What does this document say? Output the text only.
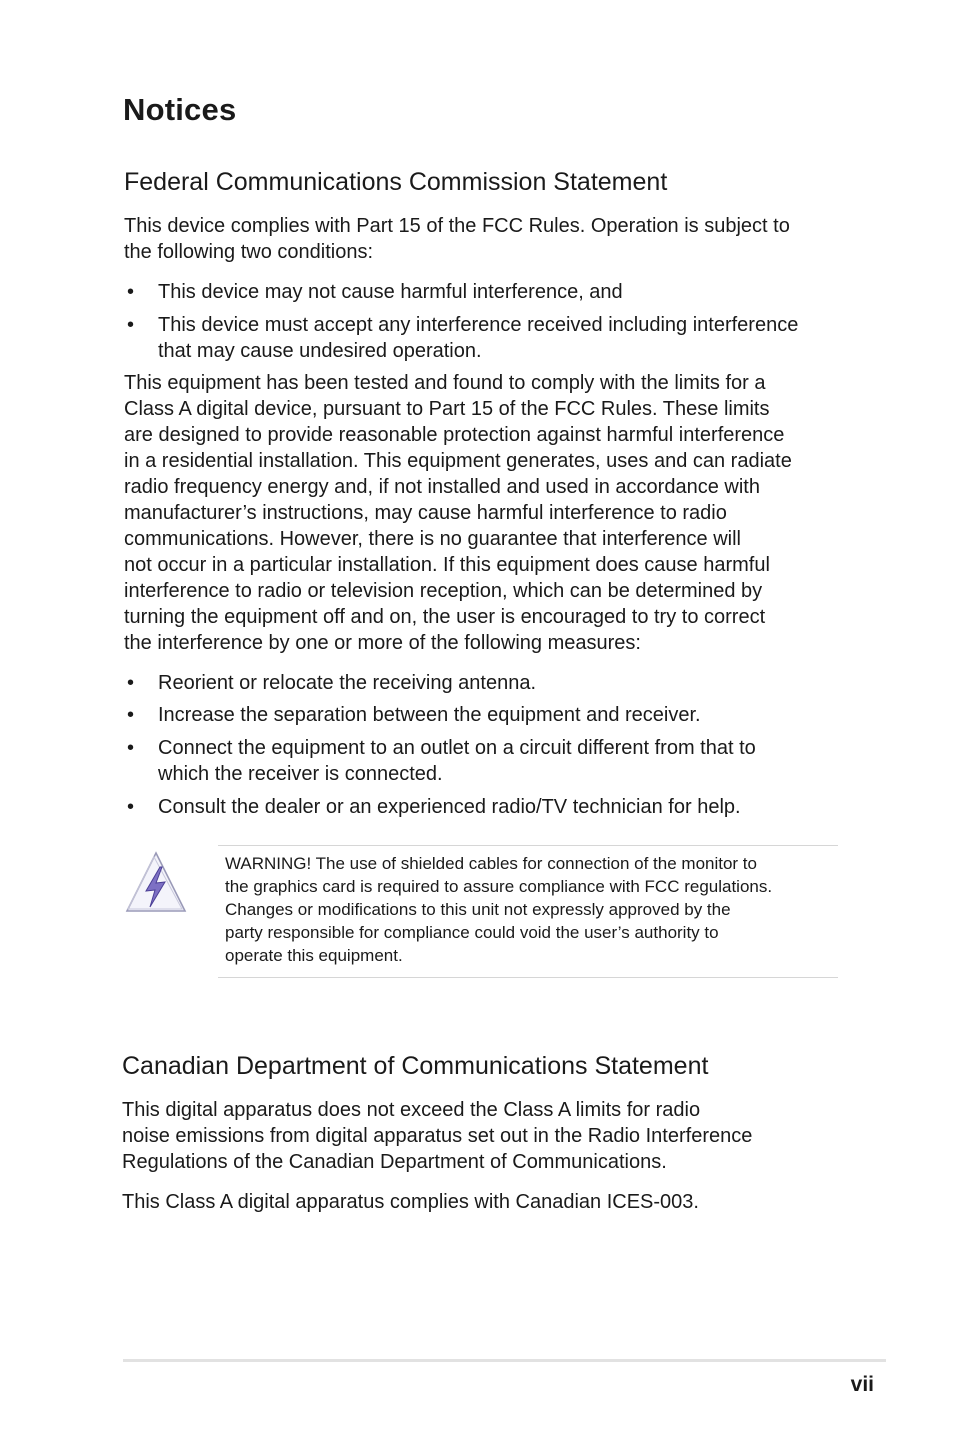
Notices
Federal Communications Commission Statement

This device complies with Part 15 of the FCC Rules. Operation is subject to
the following two conditions:

• This device may not cause harmful interference, and
• This device must accept any interference received including interference
that may cause undesired operation.

This equipment has been tested and found to comply with the limits for a
Class A digital device, pursuant to Part 15 of the FCC Rules. These limits
are designed to provide reasonable protection against harmful interference
in a residential installation. This equipment generates, uses and can radiate
radio frequency energy and, if not installed and used in accordance with
manufacturer’s instructions, may cause harmful interference to radio
communications. However, there is no guarantee that interference will
not occur in a particular installation. If this equipment does cause harmful
interference to radio or television reception, which can be determined by
turning the equipment off and on, the user is encouraged to try to correct
the interference by one or more of the following measures:

• Reorient or relocate the receiving antenna.
• Increase the separation between the equipment and receiver.
• Connect the equipment to an outlet on a circuit different from that to
which the receiver is connected.
• Consult the dealer or an experienced radio/TV technician for help.

WARNING! The use of shielded cables for connection of the monitor to
the graphics card is required to assure compliance with FCC regulations.
Changes or modifications to this unit not expressly approved by the
party responsible for compliance could void the user’s authority to
operate this equipment.

Canadian Department of Communications Statement

This digital apparatus does not exceed the Class A limits for radio
noise emissions from digital apparatus set out in the Radio Interference
Regulations of the Canadian Department of Communications.

This Class A digital apparatus complies with Canadian ICES-003.

vii
